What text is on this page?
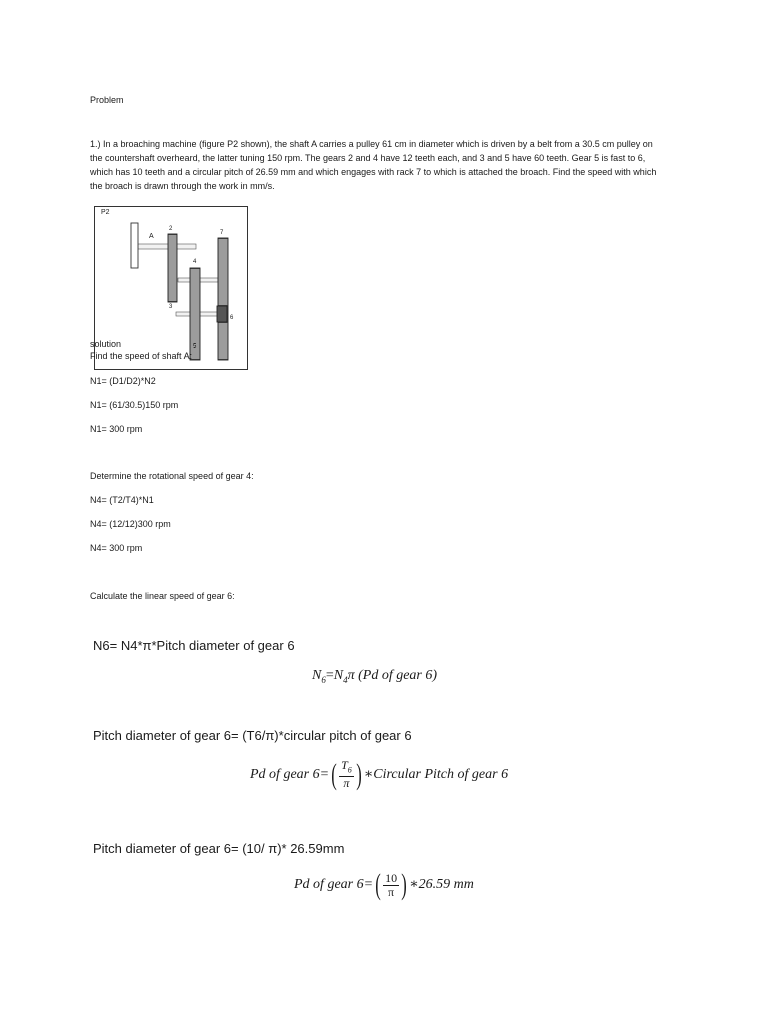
Problem
1.) In a broaching machine (figure P2 shown), the shaft A carries a pulley 61 cm in diameter which is driven by a belt from a 30.5 cm pulley on
the countershaft overheard, the latter tuning 150 rpm. The gears 2 and 4 have 12 teeth each, and 3 and 5 have 60 teeth. Gear 5 is fast to 6,
which has 10 teeth and a circular pitch of 26.59 mm and which engages with rack 7 to which is attached the broach. Find the speed with which
the broach is drawn through the work in mm/s.
P2
A
2
3
4
5
6
7
solution
Find the speed of shaft A:
N1= (D1/D2)*N2
N1= (61/30.5)150 rpm
N1= 300 rpm
Determine the rotational speed of gear 4:
N4= (T2/T4)*N1
N4= (12/12)300 rpm
N4= 300 rpm
Calculate the linear speed of gear 6:
N6= N4*π*Pitch diameter of gear 6
$N_6=N_4\pi$ (Pd of gear 6)
Pitch diameter of gear 6= (T6/π)*circular pitch of gear 6
Pd of gear $6=( \frac{T_6}{\pi}$ ) ∗Circular Pitch of gear 6
Pitch diameter of gear 6= (10/ π)* 26.59mm
Pd of gear $6=( \frac{10}{\pi}$ ) ∗26.59 mm
